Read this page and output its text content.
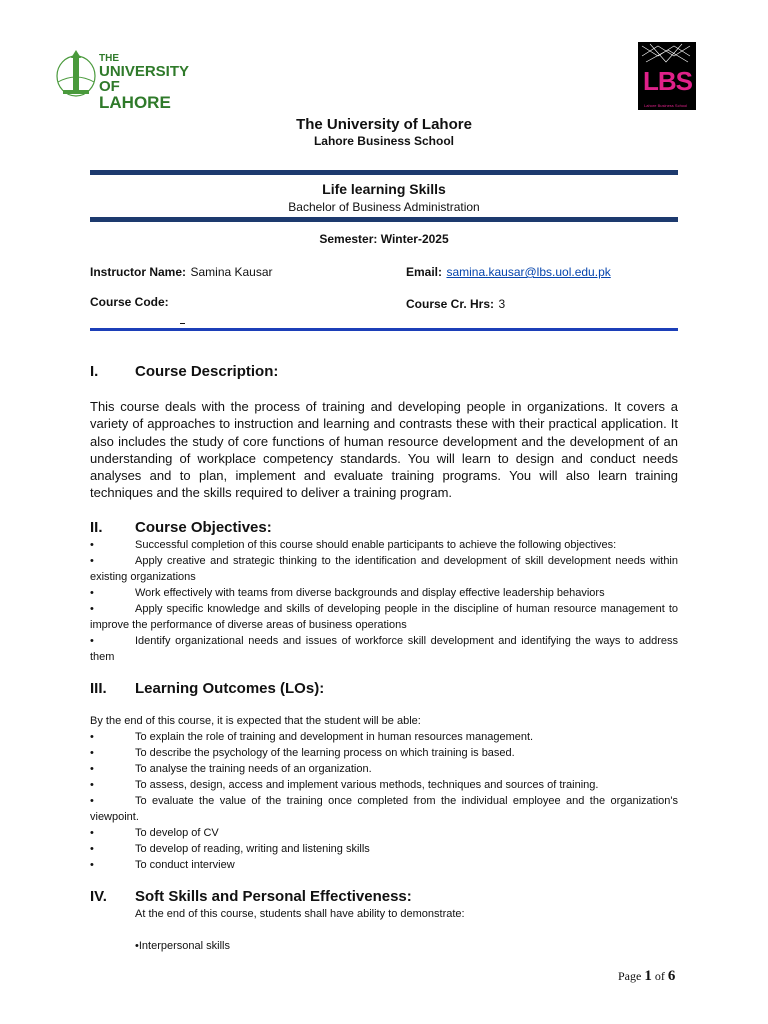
THE
UNIVERSITY OF
LAHORE
LBS
Lahore Business School
The University of Lahore
Lahore Business School
Life learning Skills
Bachelor of Business Administration
Semester: Winter-2025
Instructor Name: Samina Kausar	Email: samina.kausar@lbs.uol.edu.pk
Course Code:	Course Cr. Hrs: 3
I. Course Description:

This course deals with the process of training and developing people in organizations. It covers a variety of approaches to instruction and learning and contrasts these with their practical application. It also includes the study of core functions of human resource development and the development of an understanding of workplace competency standards. You will learn to design and conduct needs analyses and to plan, implement and evaluate training programs. You will also learn training techniques and the skills required to deliver a training program.

II. Course Objectives:
•	Successful completion of this course should enable participants to achieve the following objectives:
•	Apply creative and strategic thinking to the identification and development of skill development needs within existing organizations
•	Work effectively with teams from diverse backgrounds and display effective leadership behaviors
•	Apply specific knowledge and skills of developing people in the discipline of human resource management to improve the performance of diverse areas of business operations
•	Identify organizational needs and issues of workforce skill development and identifying the ways to address them
III. Learning Outcomes (LOs):
By the end of this course, it is expected that the student will be able:
•	To explain the role of training and development in human resources management.
•	To describe the psychology of the learning process on which training is based.
•	To analyse the training needs of an organization.
•	To assess, design, access and implement various methods, techniques and sources of training.
•	To evaluate the value of the training once completed from the individual employee and the organization's viewpoint.
•	To develop of CV
•	To develop of reading, writing and listening skills
•	To conduct interview
IV. Soft Skills and Personal Effectiveness:
At the end of this course, students shall have ability to demonstrate:
•Interpersonal skills
Page 1 of 6
